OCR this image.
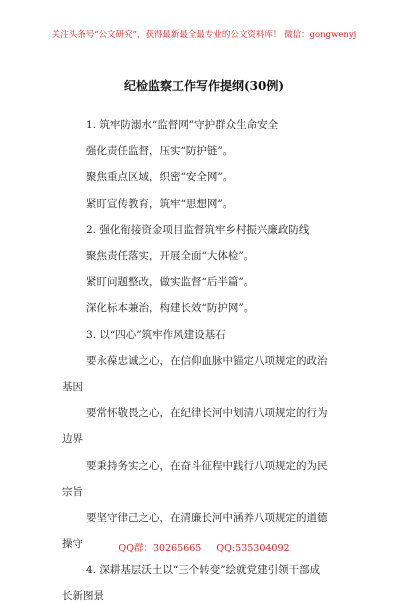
关注头条号“公文研究”，获得最新最全最专业的公文资料库！ 微信：gongwenyj
纪检监察工作写作提纲(30例)
1. 筑牢防溺水“监督网”守护群众生命安全
强化责任监督，压实“防护链”。
聚焦重点区域，织密“安全网”。
紧盯宣传教育，筑牢“思想网”。
2. 强化衔接资金项目监督筑牢乡村振兴廉政防线
聚焦责任落实，开展全面“大体检”。
紧盯问题整改，做实监督“后半篇”。
深化标本兼治，构建长效“防护网”。
3. 以“四心”筑牢作风建设基石
要永葆忠诚之心，在信仰血脉中锚定八项规定的政治
基因
要常怀敬畏之心，在纪律长河中划清八项规定的行为
边界
要秉持务实之心，在奋斗征程中践行八项规定的为民
宗旨
要坚守律己之心，在清廉长河中涵养八项规定的道德
操守
4. 深耕基层沃土以“三个转变”绘就党建引领干部成
长新图景
QQ群：30265665 QQ:535304092
